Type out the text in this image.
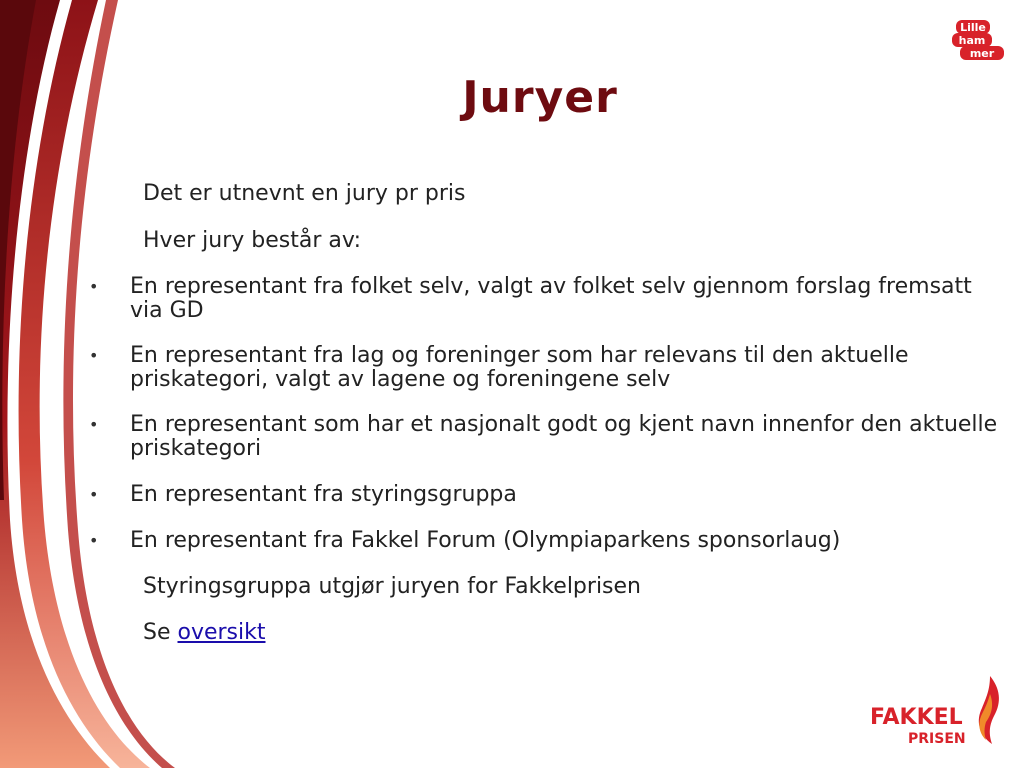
Lille
ham
mer
Juryer
Det er utnevnt en jury pr pris
Hver jury består av:
• En representant fra folket selv, valgt av folket selv gjennom forslag fremsatt via GD
• En representant fra lag og foreninger som har relevans til den aktuelle priskategori, valgt av lagene og foreningene selv
• En representant som har et nasjonalt godt og kjent navn innenfor den aktuelle priskategori
• En representant fra styringsgruppa
• En representant fra Fakkel Forum (Olympiaparkens sponsorlaug)
Styringsgruppa utgjør juryen for Fakkelprisen
Se oversikt
FAKKEL
PRISEN
